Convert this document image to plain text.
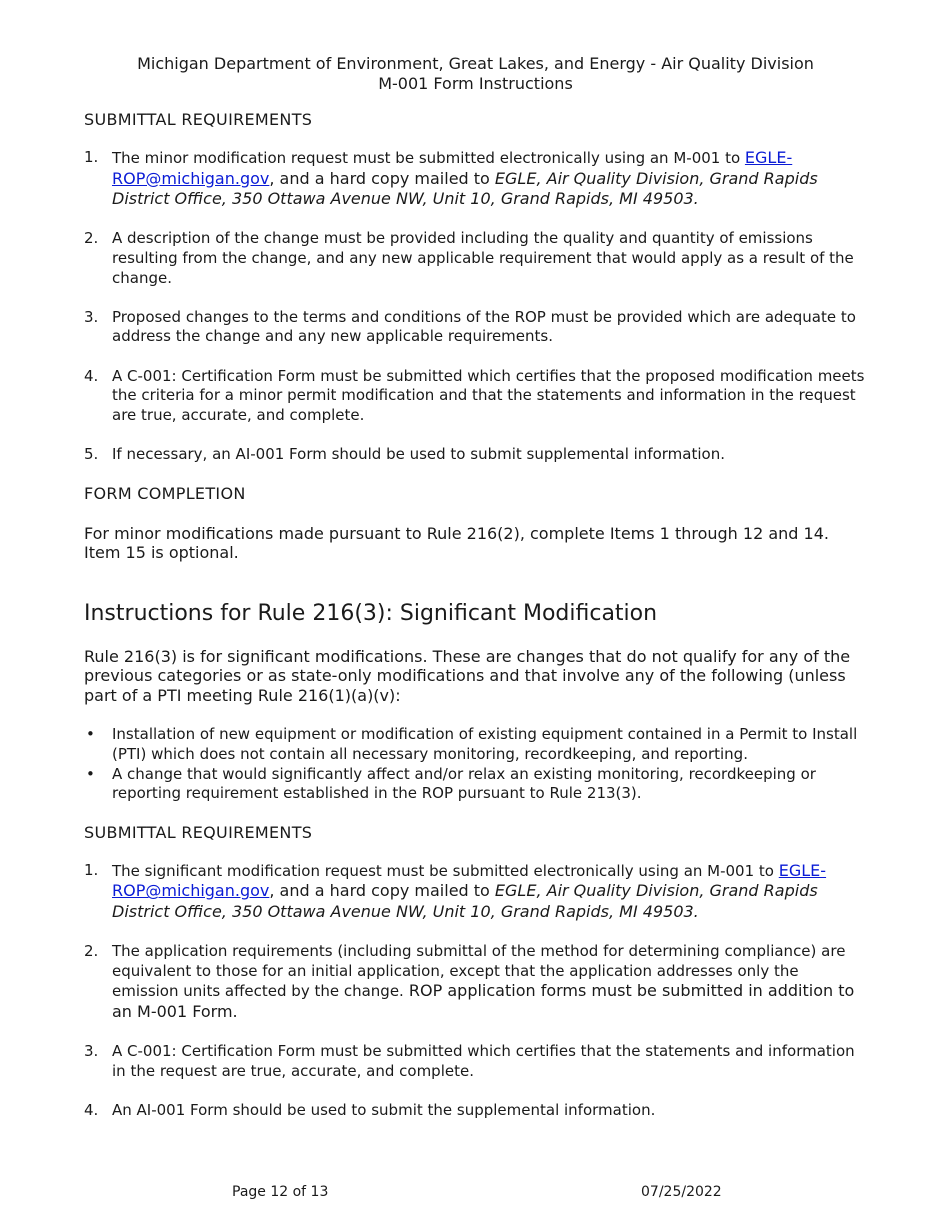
Michigan Department of Environment, Great Lakes, and Energy - Air Quality Division

M-001 Form Instructions

SUBMITTAL REQUIREMENTS

1. The minor modification request must be submitted electronically using an M-001 to EGLE-ROP@michigan.gov, and a hard copy mailed to EGLE, Air Quality Division, Grand Rapids District Office, 350 Ottawa Avenue NW, Unit 10, Grand Rapids, MI 49503.
2. A description of the change must be provided including the quality and quantity of emissions resulting from the change, and any new applicable requirement that would apply as a result of the change.
3. Proposed changes to the terms and conditions of the ROP must be provided which are adequate to address the change and any new applicable requirements.
4. A C-001: Certification Form must be submitted which certifies that the proposed modification meets the criteria for a minor permit modification and that the statements and information in the request are true, accurate, and complete.
5. If necessary, an AI-001 Form should be used to submit supplemental information.

FORM COMPLETION

For minor modifications made pursuant to Rule 216(2), complete Items 1 through 12 and 14. Item 15 is optional.

Instructions for Rule 216(3): Significant Modification

Rule 216(3) is for significant modifications. These are changes that do not qualify for any of the previous categories or as state-only modifications and that involve any of the following (unless part of a PTI meeting Rule 216(1)(a)(v):

• Installation of new equipment or modification of existing equipment contained in a Permit to Install (PTI) which does not contain all necessary monitoring, recordkeeping, and reporting.
• A change that would significantly affect and/or relax an existing monitoring, recordkeeping or reporting requirement established in the ROP pursuant to Rule 213(3).

SUBMITTAL REQUIREMENTS

1. The significant modification request must be submitted electronically using an M-001 to EGLE-ROP@michigan.gov, and a hard copy mailed to EGLE, Air Quality Division, Grand Rapids District Office, 350 Ottawa Avenue NW, Unit 10, Grand Rapids, MI 49503.
2. The application requirements (including submittal of the method for determining compliance) are equivalent to those for an initial application, except that the application addresses only the emission units affected by the change. ROP application forms must be submitted in addition to an M-001 Form.
3. A C-001: Certification Form must be submitted which certifies that the statements and information in the request are true, accurate, and complete.
4. An AI-001 Form should be used to submit the supplemental information.
Page 12 of 13	07/25/2022
